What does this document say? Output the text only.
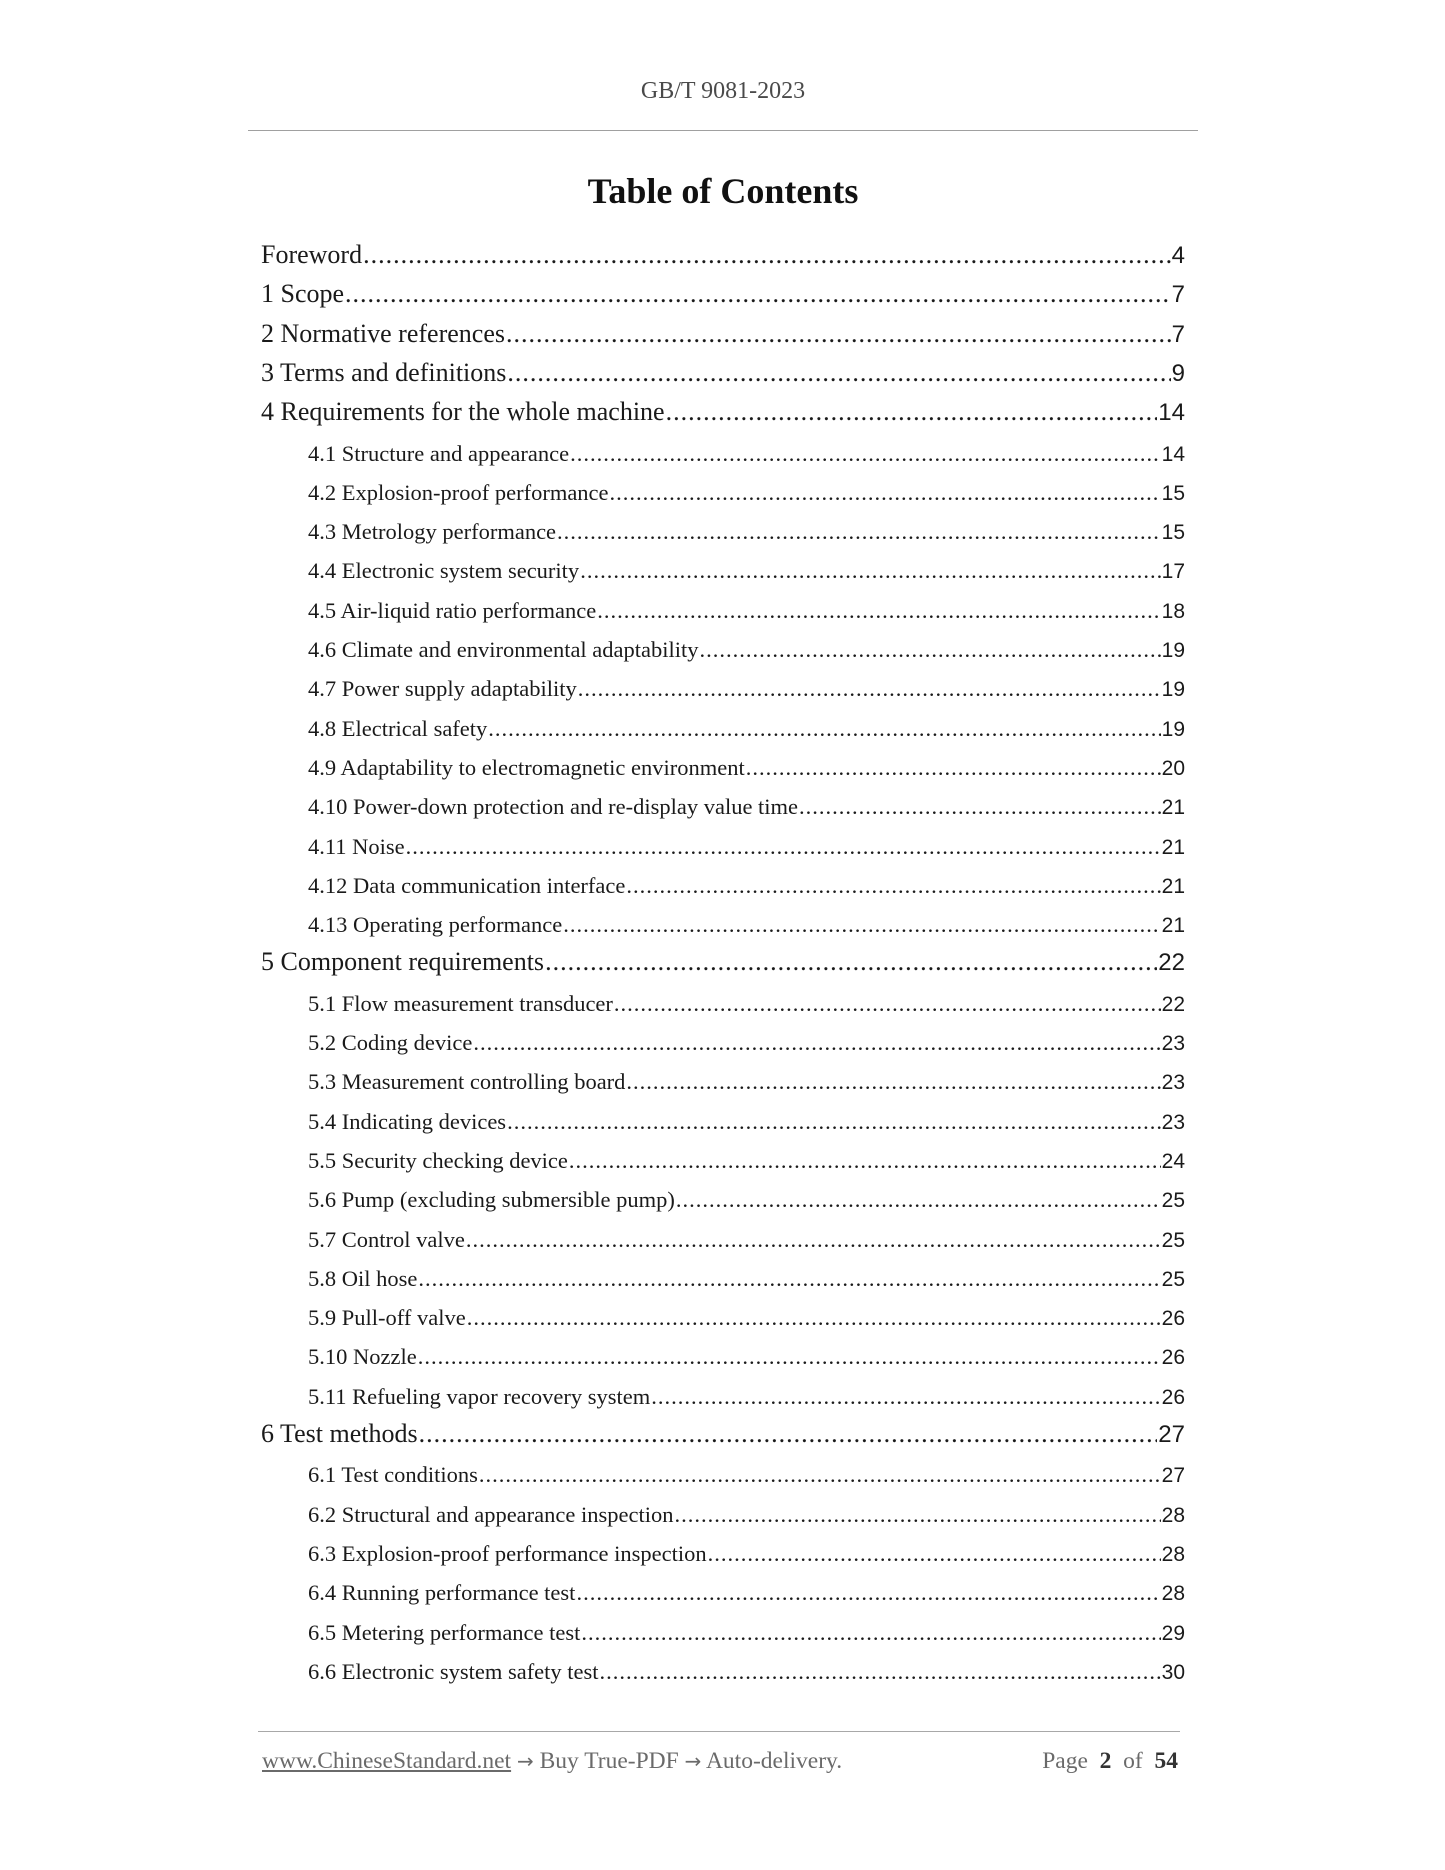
GB/T 9081-2023
Table of Contents
Foreword .....	4
1 Scope .....	7
2 Normative references .....	7
3 Terms and definitions .....	9
4 Requirements for the whole machine .....	14
4.1 Structure and appearance .....	14
4.2 Explosion-proof performance .....	15
4.3 Metrology performance .....	15
4.4 Electronic system security .....	17
4.5 Air-liquid ratio performance .....	18
4.6 Climate and environmental adaptability .....	19
4.7 Power supply adaptability .....	19
4.8 Electrical safety .....	19
4.9 Adaptability to electromagnetic environment .....	20
4.10 Power-down protection and re-display value time .....	21
4.11 Noise .....	21
4.12 Data communication interface .....	21
4.13 Operating performance .....	21
5 Component requirements .....	22
5.1 Flow measurement transducer .....	22
5.2 Coding device .....	23
5.3 Measurement controlling board .....	23
5.4 Indicating devices .....	23
5.5 Security checking device .....	24
5.6 Pump (excluding submersible pump) .....	25
5.7 Control valve .....	25
5.8 Oil hose .....	25
5.9 Pull-off valve .....	26
5.10 Nozzle .....	26
5.11 Refueling vapor recovery system .....	26
6 Test methods .....	27
6.1 Test conditions .....	27
6.2 Structural and appearance inspection .....	28
6.3 Explosion-proof performance inspection .....	28
6.4 Running performance test .....	28
6.5 Metering performance test .....	29
6.6 Electronic system safety test .....	30
www.ChineseStandard.net → Buy True-PDF → Auto-delivery.	Page 2 of 54
